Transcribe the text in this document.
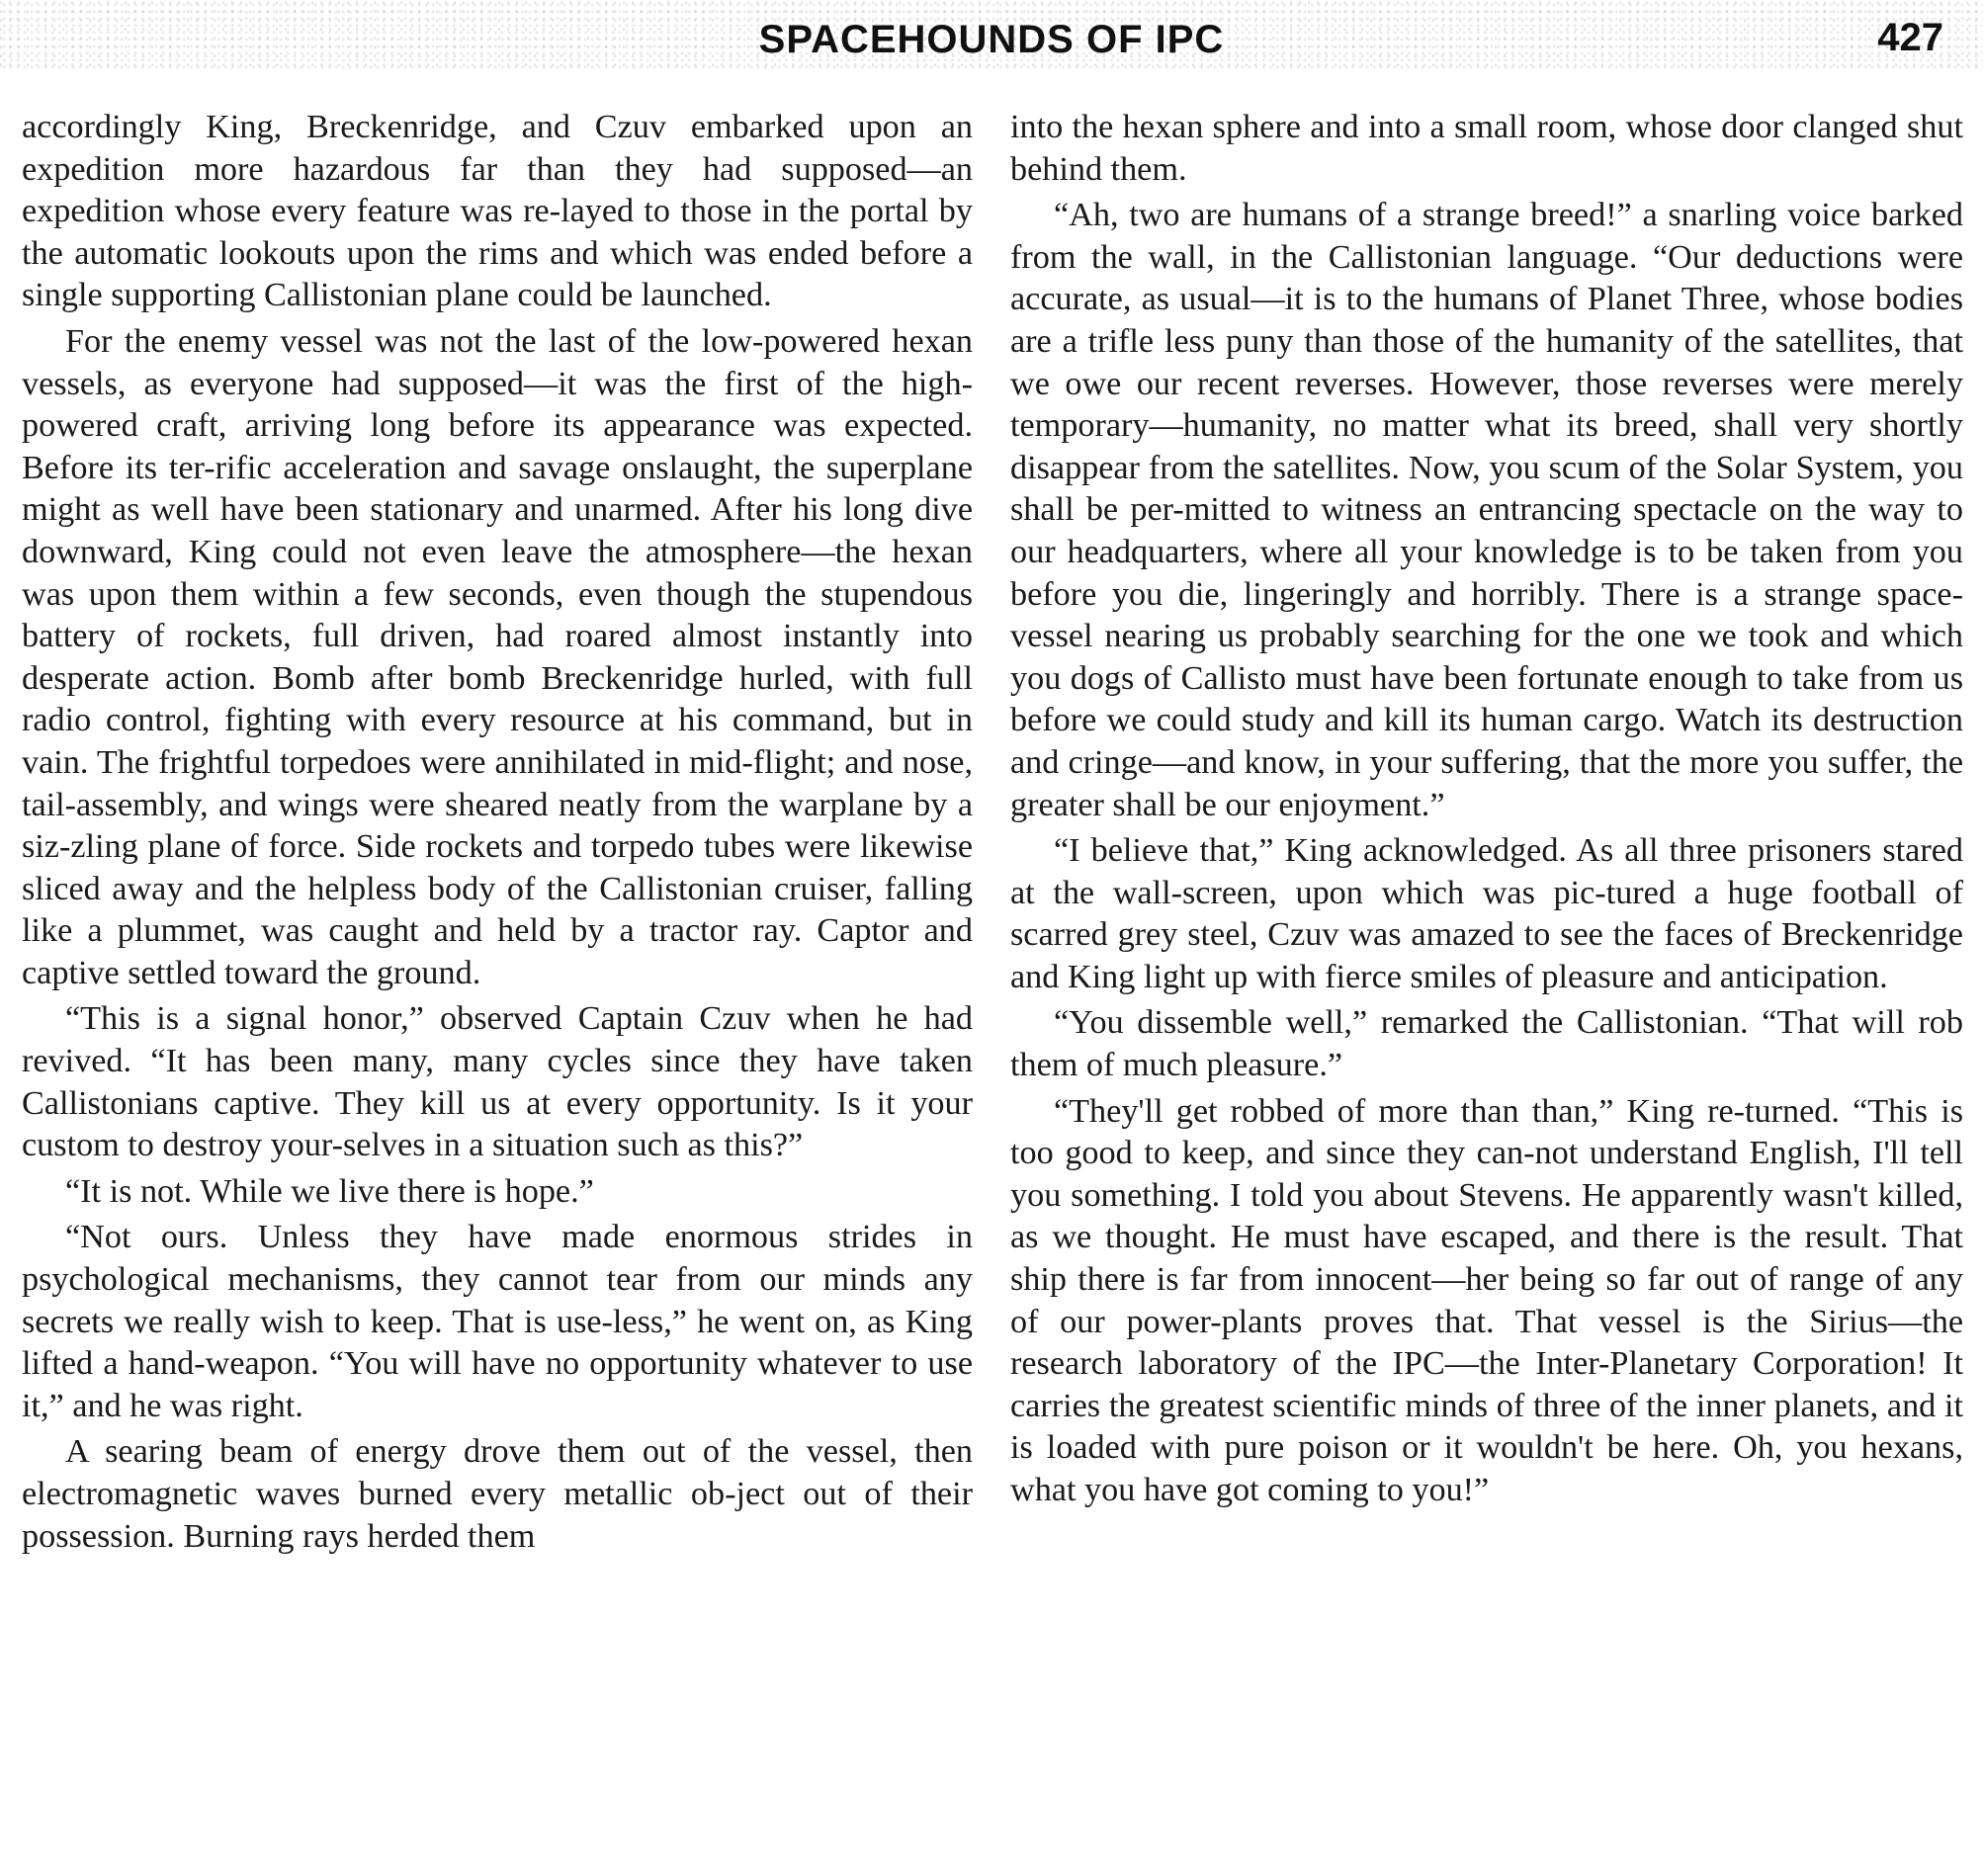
SPACEHOUNDS OF IPC	427

accordingly King, Breckenridge, and Czuv embarked upon an expedition more hazardous far than they had supposed—an expedition whose every feature was re-layed to those in the portal by the automatic lookouts upon the rims and which was ended before a single supporting Callistonian plane could be launched.

For the enemy vessel was not the last of the low-powered hexan vessels, as everyone had supposed—it was the first of the high-powered craft, arriving long before its appearance was expected. Before its ter-rific acceleration and savage onslaught, the superplane might as well have been stationary and unarmed. After his long dive downward, King could not even leave the atmosphere—the hexan was upon them within a few seconds, even though the stupendous battery of rockets, full driven, had roared almost instantly into desperate action. Bomb after bomb Breckenridge hurled, with full radio control, fighting with every resource at his command, but in vain. The frightful torpedoes were annihilated in mid-flight; and nose, tail-assembly, and wings were sheared neatly from the warplane by a siz-zling plane of force. Side rockets and torpedo tubes were likewise sliced away and the helpless body of the Callistonian cruiser, falling like a plummet, was caught and held by a tractor ray. Captor and captive settled toward the ground.

“This is a signal honor,” observed Captain Czuv when he had revived. “It has been many, many cycles since they have taken Callistonians captive. They kill us at every opportunity. Is it your custom to destroy your-selves in a situation such as this?”

“It is not. While we live there is hope.”

“Not ours. Unless they have made enormous strides in psychological mechanisms, they cannot tear from our minds any secrets we really wish to keep. That is use-less,” he went on, as King lifted a hand-weapon. “You will have no opportunity whatever to use it,” and he was right.

A searing beam of energy drove them out of the vessel, then electromagnetic waves burned every metallic ob-ject out of their possession. Burning rays herded them

into the hexan sphere and into a small room, whose door clanged shut behind them.

“Ah, two are humans of a strange breed!” a snarling voice barked from the wall, in the Callistonian language. “Our deductions were accurate, as usual—it is to the humans of Planet Three, whose bodies are a trifle less puny than those of the humanity of the satellites, that we owe our recent reverses. However, those reverses were merely temporary—humanity, no matter what its breed, shall very shortly disappear from the satellites. Now, you scum of the Solar System, you shall be per-mitted to witness an entrancing spectacle on the way to our headquarters, where all your knowledge is to be taken from you before you die, lingeringly and horribly. There is a strange space-vessel nearing us probably searching for the one we took and which you dogs of Callisto must have been fortunate enough to take from us before we could study and kill its human cargo. Watch its destruction and cringe—and know, in your suffering, that the more you suffer, the greater shall be our enjoyment.”

“I believe that,” King acknowledged. As all three prisoners stared at the wall-screen, upon which was pic-tured a huge football of scarred grey steel, Czuv was amazed to see the faces of Breckenridge and King light up with fierce smiles of pleasure and anticipation.

“You dissemble well,” remarked the Callistonian. “That will rob them of much pleasure.”

“They'll get robbed of more than than,” King re-turned. “This is too good to keep, and since they can-not understand English, I'll tell you something. I told you about Stevens. He apparently wasn't killed, as we thought. He must have escaped, and there is the result. That ship there is far from innocent—her being so far out of range of any of our power-plants proves that. That vessel is the Sirius—the research laboratory of the IPC—the Inter-Planetary Corporation! It carries the greatest scientific minds of three of the inner planets, and it is loaded with pure poison or it wouldn't be here. Oh, you hexans, what you have got coming to you!”
